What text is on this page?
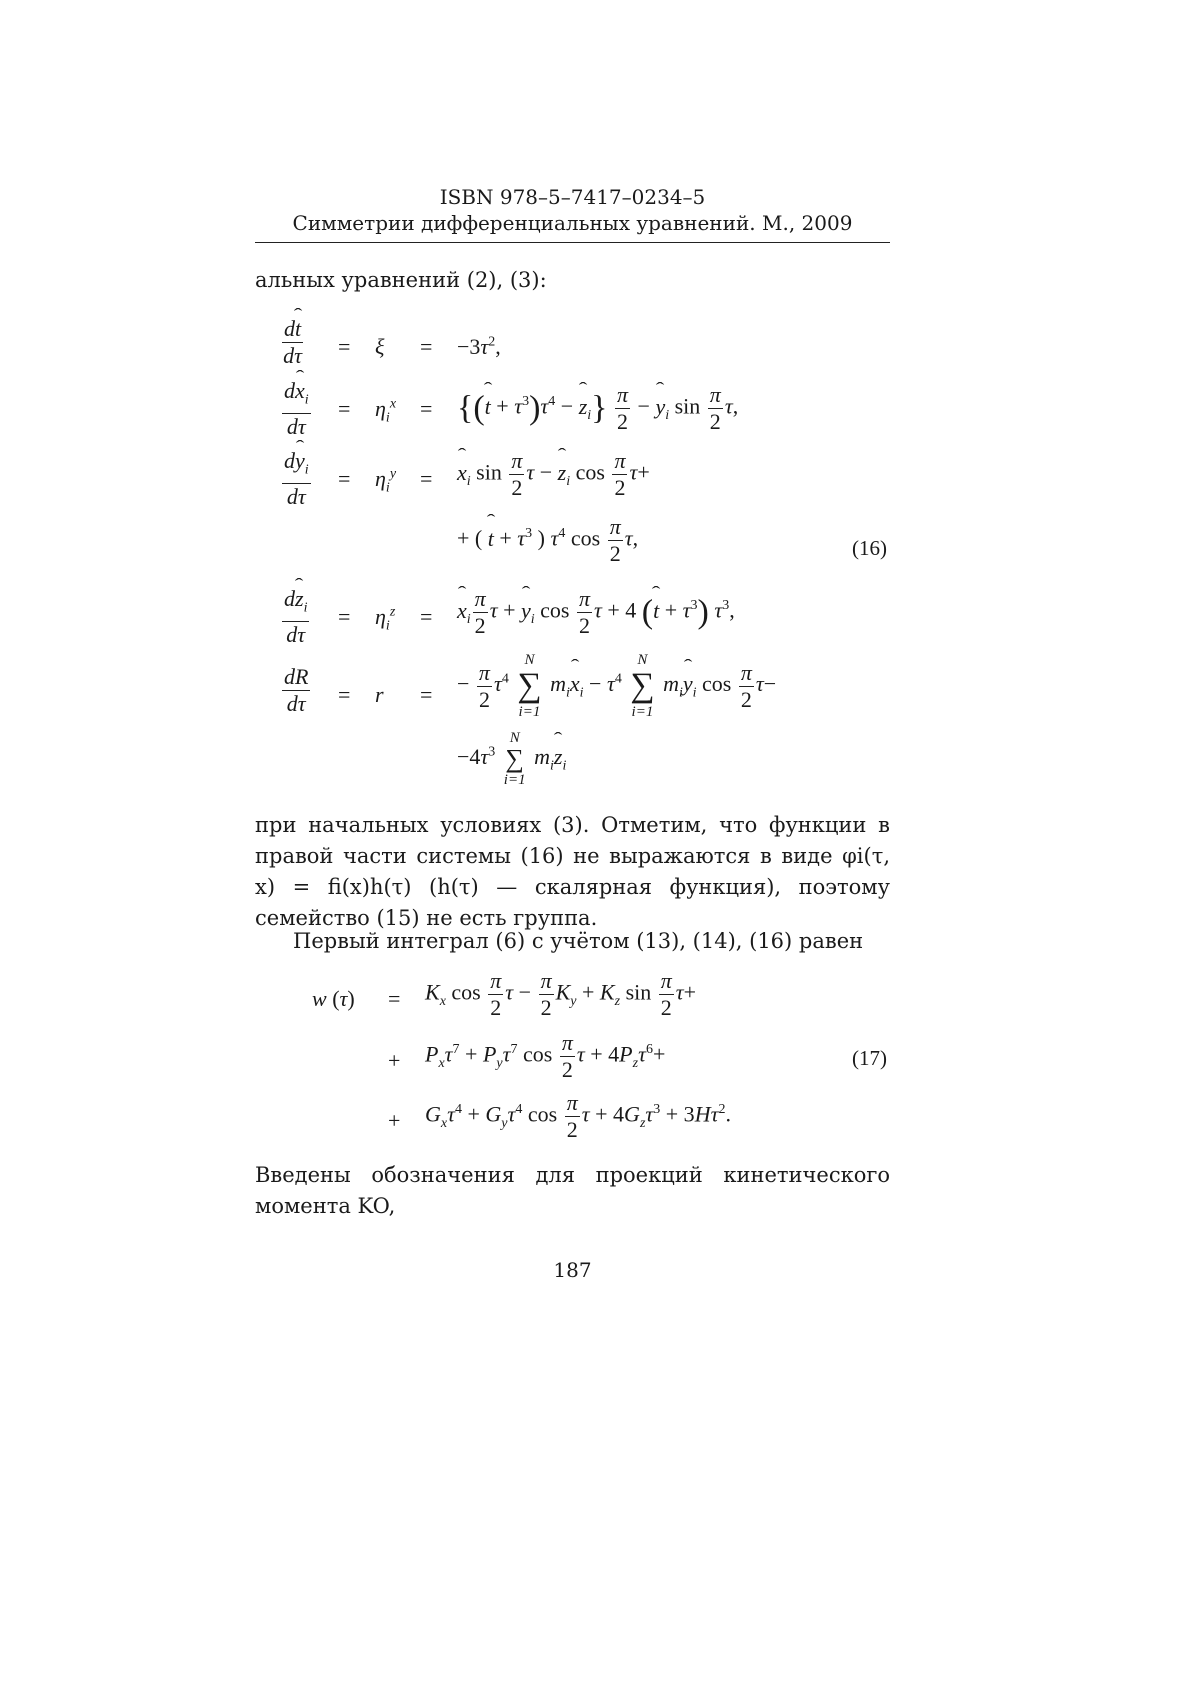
ISBN 978–5–7417–0234–5
Симметрии дифференциальных уравнений. М., 2009
альных уравнений (2), (3):
$\frac{\text{dˆ t}}{d\tau} = \xi = -3\tau^2$,
$\frac{dˆ x_i}{d\tau} = \eta_i^x$ = {(ˆ $t + \tau^3)\tau^4$ − ˆ $z_i\} \frac{\pi}{2}$ − ˆ $y_i$ $\sin \frac{\pi}{2} \tau$,
$\frac{dˆ y_i}{d\tau} = \eta_i^y$ = ˆ $x_i$ $\sin \frac{\pi}{2}$ τ − ˆ $z_i$ $\cos \frac{\pi}{2} \tau+$
+ ( ˆ $t + \tau^3$ ) $\tau^4$ $\cos \frac{\pi}{2} \tau$,	(16)
$\frac{dˆ z_i}{d\tau} = \eta_i^z$ = ˆ $x_i \frac{\pi}{2}$ τ + ˆ $y_i$ $\cos \frac{\pi}{2}$ τ + 4 (ˆ $t + \tau^3$) $\tau^3$,
$\frac{dR}{d\tau} = r$ = − $\frac{\pi}{2} \tau^4$
N
∑
i=1
$m_iˆ$ $x_i - \tau^4$
N
∑
i=1
$m_iˆ$ $y_i$ $\cos \frac{\pi}{2} \tau-$
$-4\tau^3$
N
∑
i=1
$m_iˆ$ $z_i$
при начальных условиях (3). Отметим, что функции в правой части системы (16) не выражаются в виде φi(τ, x) = fi(x)h(τ) (h(τ) — скалярная функция), поэтому семейство (15) не есть группа.
Первый интеграл (6) с учётом (13), (14), (16) равен
w $(\tau) = K_x$ $\cos \frac{\pi}{2}$ $\tau - \frac{\pi}{2} K_y + K_z$ $\sin \frac{\pi}{2} \tau+$
+ $P_x\tau^7 + P_y\tau^7$ $\cos \frac{\pi}{2}$ $\tau + 4P_z\tau^6+$	(17)
+ $G_x\tau^4 + G_y\tau^4$ $\cos \frac{\pi}{2}$ $\tau + 4G_z\tau^3 + 3H\tau^2$.
Введены обозначения для проекций кинетического момента KO,
187
